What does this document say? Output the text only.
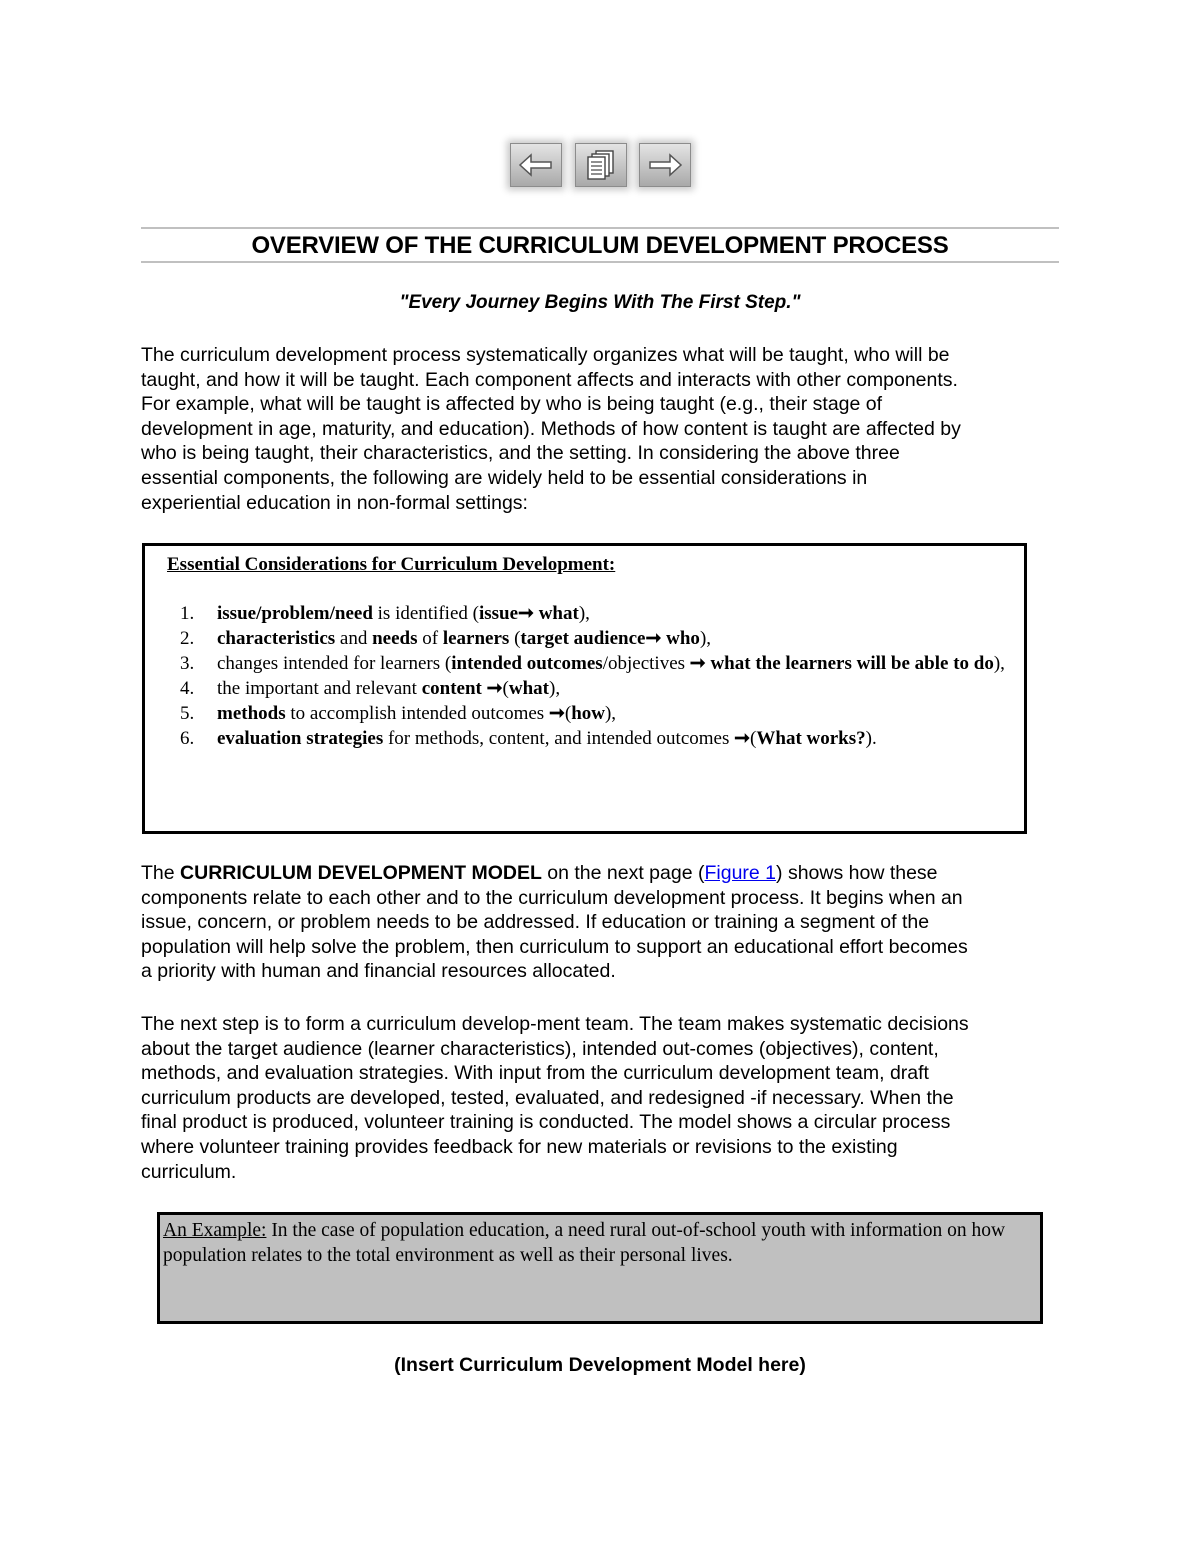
OVERVIEW OF THE CURRICULUM DEVELOPMENT PROCESS
"Every Journey Begins With The First Step."

The curriculum development process systematically organizes what will be taught, who will be
taught, and how it will be taught. Each component affects and interacts with other components.
For example, what will be taught is affected by who is being taught (e.g., their stage of
development in age, maturity, and education). Methods of how content is taught are affected by
who is being taught, their characteristics, and the setting. In considering the above three
essential components, the following are widely held to be essential considerations in
experiential education in non-formal settings:

Essential Considerations for Curriculum Development:
1. issue/problem/need is identified (issue➞ what),
2. characteristics and needs of learners (target audience➞ who),
3. changes intended for learners (intended outcomes/objectives ➞ what the learners will be able to do),
4. the important and relevant content ➞(what),
5. methods to accomplish intended outcomes ➞(how),
6. evaluation strategies for methods, content, and intended outcomes ➞(What works?).

The CURRICULUM DEVELOPMENT MODEL on the next page (Figure 1) shows how these
components relate to each other and to the curriculum development process. It begins when an
issue, concern, or problem needs to be addressed. If education or training a segment of the
population will help solve the problem, then curriculum to support an educational effort becomes
a priority with human and financial resources allocated.

The next step is to form a curriculum develop-ment team. The team makes systematic decisions
about the target audience (learner characteristics), intended out-comes (objectives), content,
methods, and evaluation strategies. With input from the curriculum development team, draft
curriculum products are developed, tested, evaluated, and redesigned -if necessary. When the
final product is produced, volunteer training is conducted. The model shows a circular process
where volunteer training provides feedback for new materials or revisions to the existing
curriculum.

An Example: In the case of population education, a need rural out-of-school youth with information on how population relates to the total environment as well as their personal lives.
(Insert Curriculum Development Model here)
